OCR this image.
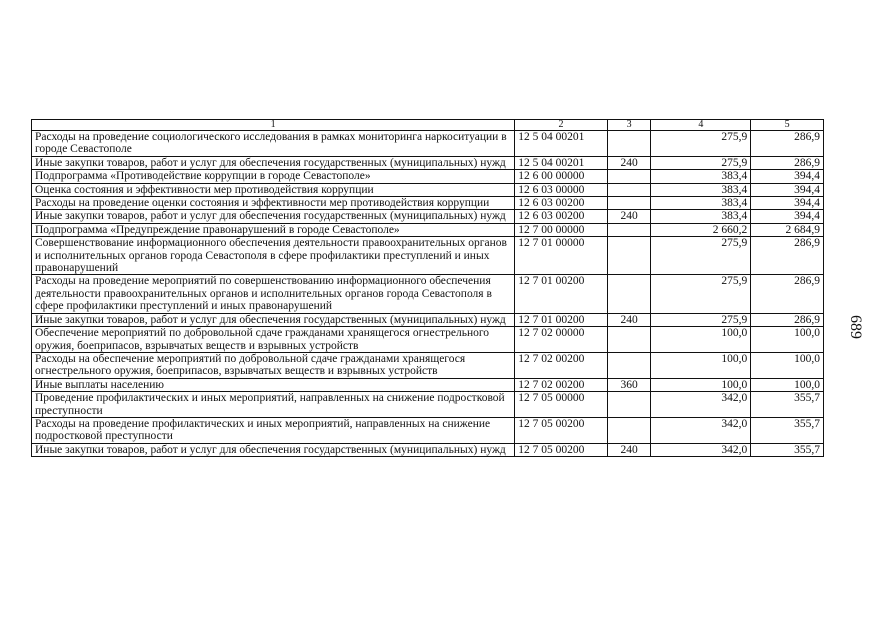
1	2	3	4	5
Расходы на проведение социологического исследования в рамках мониторинга наркоситуации в городе Севастополе	12 5 04 00201		275,9	286,9
Иные закупки товаров, работ и услуг для обеспечения государственных (муниципальных) нужд	12 5 04 00201	240	275,9	286,9
Подпрограмма «Противодействие коррупции в городе Севастополе»	12 6 00 00000		383,4	394,4
Оценка состояния и эффективности мер противодействия коррупции	12 6 03 00000		383,4	394,4
Расходы на проведение оценки состояния и эффективности мер противодействия коррупции	12 6 03 00200		383,4	394,4
Иные закупки товаров, работ и услуг для обеспечения государственных (муниципальных) нужд	12 6 03 00200	240	383,4	394,4
Подпрограмма «Предупреждение правонарушений в городе Севастополе»	12 7 00 00000		2 660,2	2 684,9
Совершенствование информационного обеспечения деятельности правоохранительных органов и исполнительных органов города Севастополя в сфере профилактики преступлений и иных правонарушений	12 7 01 00000		275,9	286,9
Расходы на проведение мероприятий по совершенствованию информационного обеспечения деятельности правоохранительных органов и исполнительных органов города Севастополя в сфере профилактики преступлений и иных правонарушений	12 7 01 00200		275,9	286,9
Иные закупки товаров, работ и услуг для обеспечения государственных (муниципальных) нужд	12 7 01 00200	240	275,9	286,9
Обеспечение мероприятий по добровольной сдаче гражданами хранящегося огнестрельного оружия, боеприпасов, взрывчатых веществ и взрывных устройств	12 7 02 00000		100,0	100,0
Расходы на обеспечение мероприятий по добровольной сдаче гражданами хранящегося огнестрельного оружия, боеприпасов, взрывчатых веществ и взрывных устройств	12 7 02 00200		100,0	100,0
Иные выплаты населению	12 7 02 00200	360	100,0	100,0
Проведение профилактических и иных мероприятий, направленных на снижение подростковой преступности	12 7 05 00000		342,0	355,7
Расходы на проведение профилактических и иных мероприятий, направленных на снижение подростковой преступности	12 7 05 00200		342,0	355,7
Иные закупки товаров, работ и услуг для обеспечения государственных (муниципальных) нужд	12 7 05 00200	240	342,0	355,7
689
